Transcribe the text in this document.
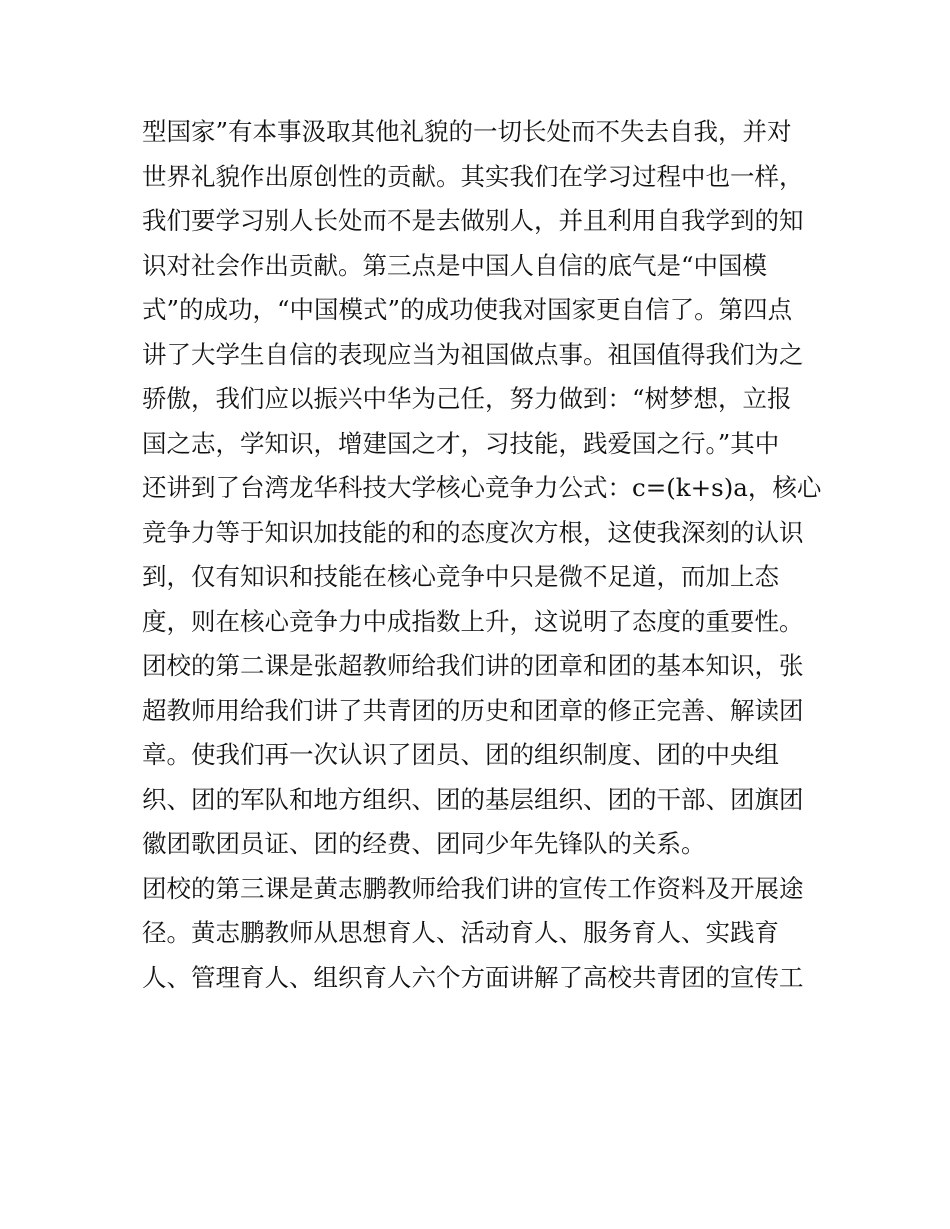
型国家”有本事汲取其他礼貌的一切长处而不失去自我，并对
世界礼貌作出原创性的贡献。其实我们在学习过程中也一样，
我们要学习别人长处而不是去做别人，并且利用自我学到的知
识对社会作出贡献。第三点是中国人自信的底气是“中国模
式”的成功，“中国模式”的成功使我对国家更自信了。第四点
讲了大学生自信的表现应当为祖国做点事。祖国值得我们为之
骄傲，我们应以振兴中华为己任，努力做到：“树梦想，立报
国之志，学知识，增建国之才，习技能，践爱国之行。”其中
还讲到了台湾龙华科技大学核心竞争力公式：c=(k+s)a，核心
竞争力等于知识加技能的和的态度次方根，这使我深刻的认识
到，仅有知识和技能在核心竞争中只是微不足道，而加上态
度，则在核心竞争力中成指数上升，这说明了态度的重要性。
团校的第二课是张超教师给我们讲的团章和团的基本知识，张
超教师用给我们讲了共青团的历史和团章的修正完善、解读团
章。使我们再一次认识了团员、团的组织制度、团的中央组
织、团的军队和地方组织、团的基层组织、团的干部、团旗团
徽团歌团员证、团的经费、团同少年先锋队的关系。
团校的第三课是黄志鹏教师给我们讲的宣传工作资料及开展途
径。黄志鹏教师从思想育人、活动育人、服务育人、实践育
人、管理育人、组织育人六个方面讲解了高校共青团的宣传工
